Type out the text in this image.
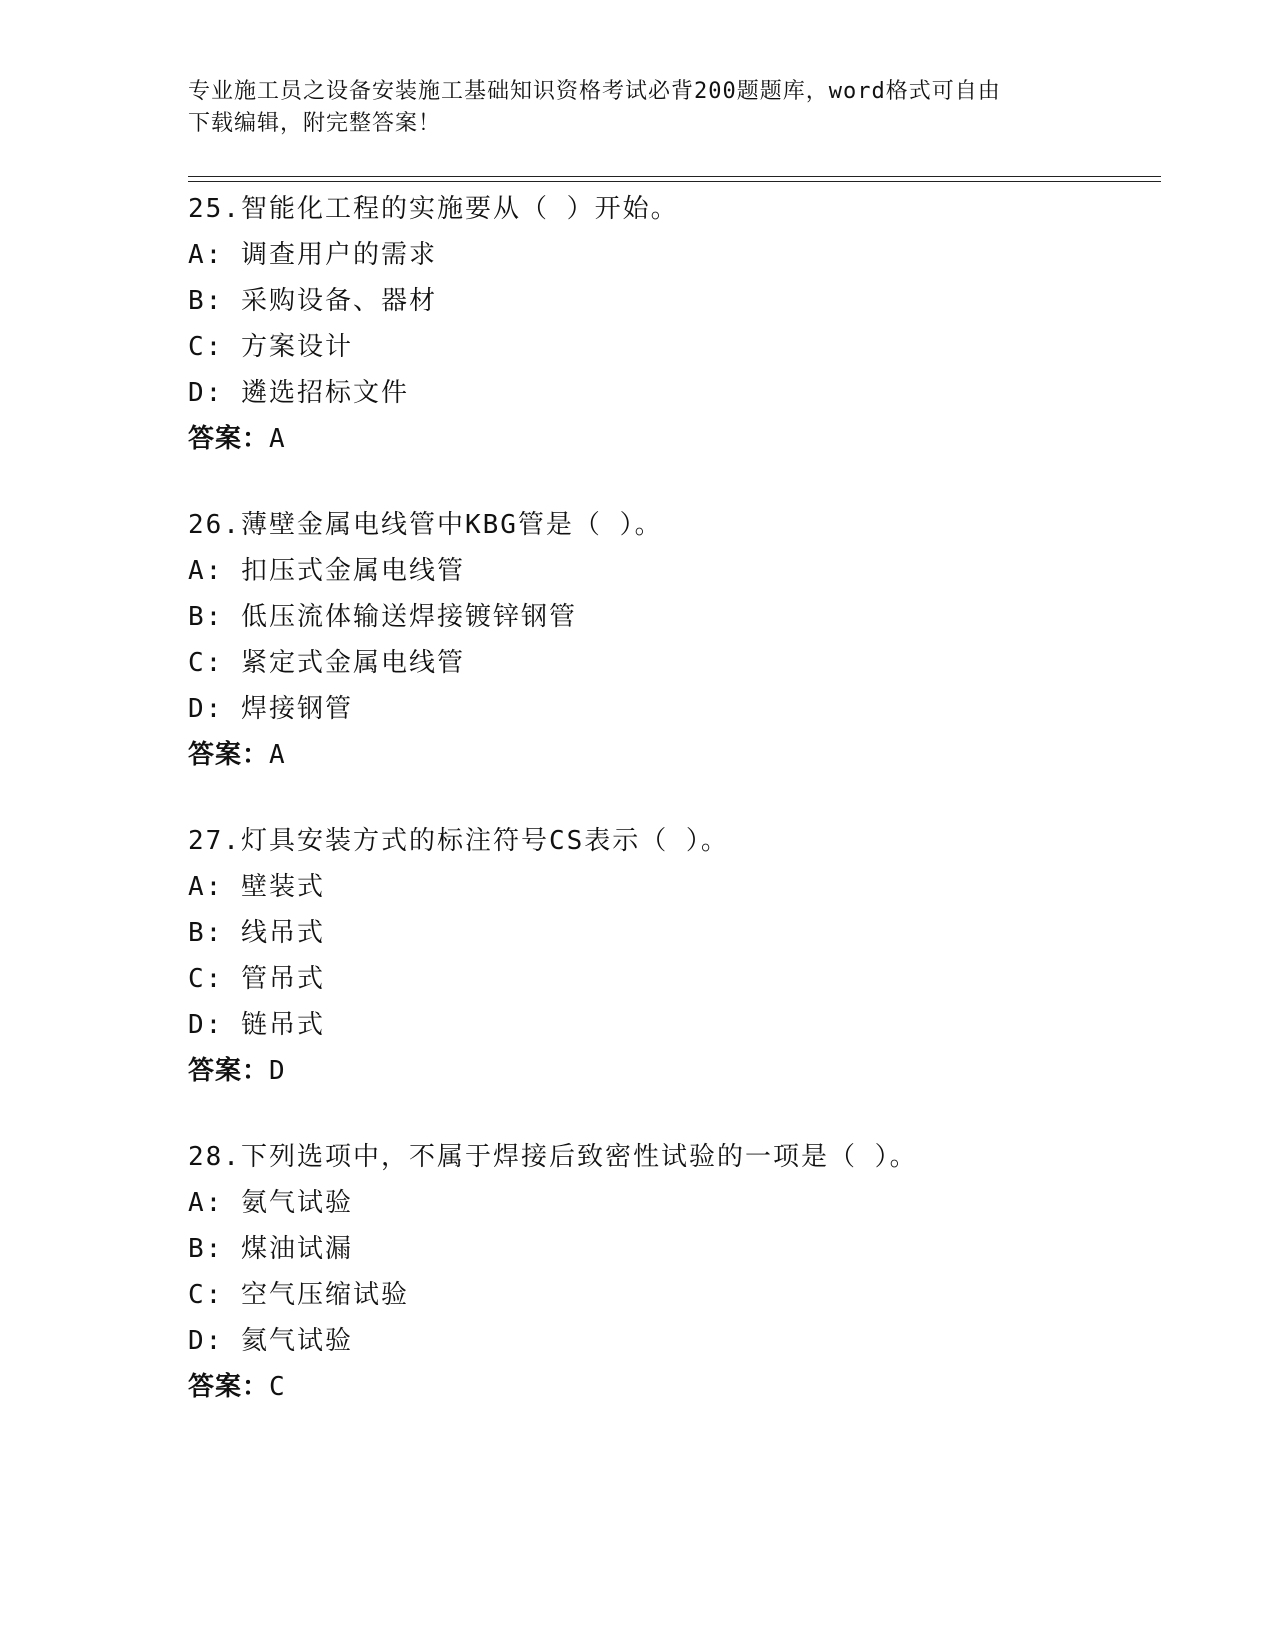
专业施工员之设备安装施工基础知识资格考试必背200题题库，word格式可自由
下载编辑，附完整答案！
25.智能化工程的实施要从（ ）开始。
A: 调查用户的需求
B: 采购设备、器材
C: 方案设计
D: 遴选招标文件
答案：A
26.薄壁金属电线管中KBG管是（ ）。
A: 扣压式金属电线管
B: 低压流体输送焊接镀锌钢管
C: 紧定式金属电线管
D: 焊接钢管
答案：A
27.灯具安装方式的标注符号CS表示（ ）。
A: 壁装式
B: 线吊式
C: 管吊式
D: 链吊式
答案：D
28.下列选项中，不属于焊接后致密性试验的一项是（ ）。
A: 氨气试验
B: 煤油试漏
C: 空气压缩试验
D: 氦气试验
答案：C
